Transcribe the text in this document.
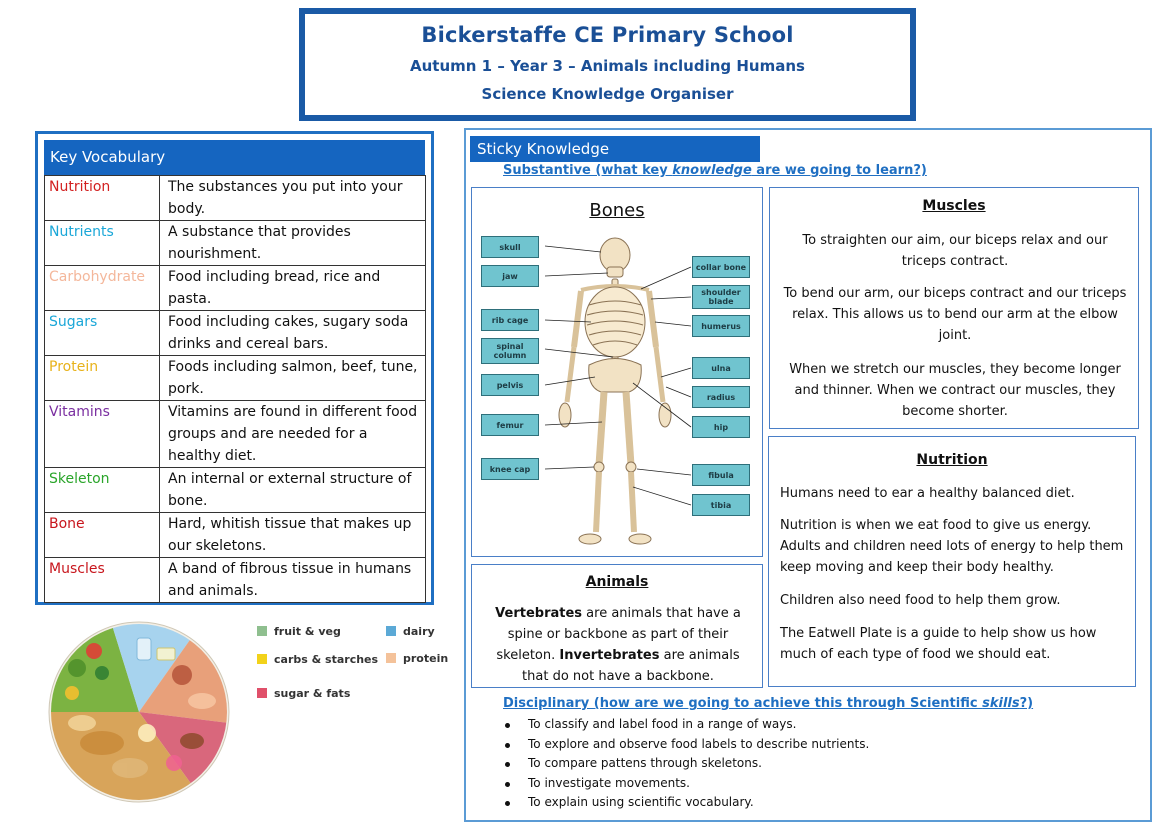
Bickerstaffe CE Primary School
Autumn 1 – Year 3 – Animals including Humans
Science Knowledge Organiser
Key Vocabulary
Nutrition	The substances you put into your body.
Nutrients	A substance that provides nourishment.
Carbohydrate	Food including bread, rice and pasta.
Sugars	Food including cakes, sugary soda drinks and cereal bars.
Protein	Foods including salmon, beef, tune, pork.
Vitamins	Vitamins are found in different food groups and are needed for a healthy diet.
Skeleton	An internal or external structure of bone.
Bone	Hard, whitish tissue that makes up our skeletons.
Muscles	A band of fibrous tissue in humans and animals.
fruit & veg	dairy
carbs & starches	protein
sugar & fats
Sticky Knowledge
Substantive (what key knowledge are we going to learn?)
Bones
skull
jaw
rib cage
spinal column
pelvis
femur
knee cap
collar bone
shoulder blade
humerus
ulna
radius
hip
fibula
tibia
Muscles
To straighten our aim, our biceps relax and our triceps contract.
To bend our arm, our biceps contract and our triceps relax. This allows us to bend our arm at the elbow joint.
When we stretch our muscles, they become longer and thinner. When we contract our muscles, they become shorter.
Nutrition
Humans need to ear a healthy balanced diet.
Nutrition is when we eat food to give us energy. Adults and children need lots of energy to help them keep moving and keep their body healthy.
Children also need food to help them grow.
The Eatwell Plate is a guide to help show us how much of each type of food we should eat.
Animals
Vertebrates are animals that have a spine or backbone as part of their skeleton. Invertebrates are animals that do not have a backbone.
Disciplinary (how are we going to achieve this through Scientific skills?)
To classify and label food in a range of ways.
To explore and observe food labels to describe nutrients.
To compare pattens through skeletons.
To investigate movements.
To explain using scientific vocabulary.
